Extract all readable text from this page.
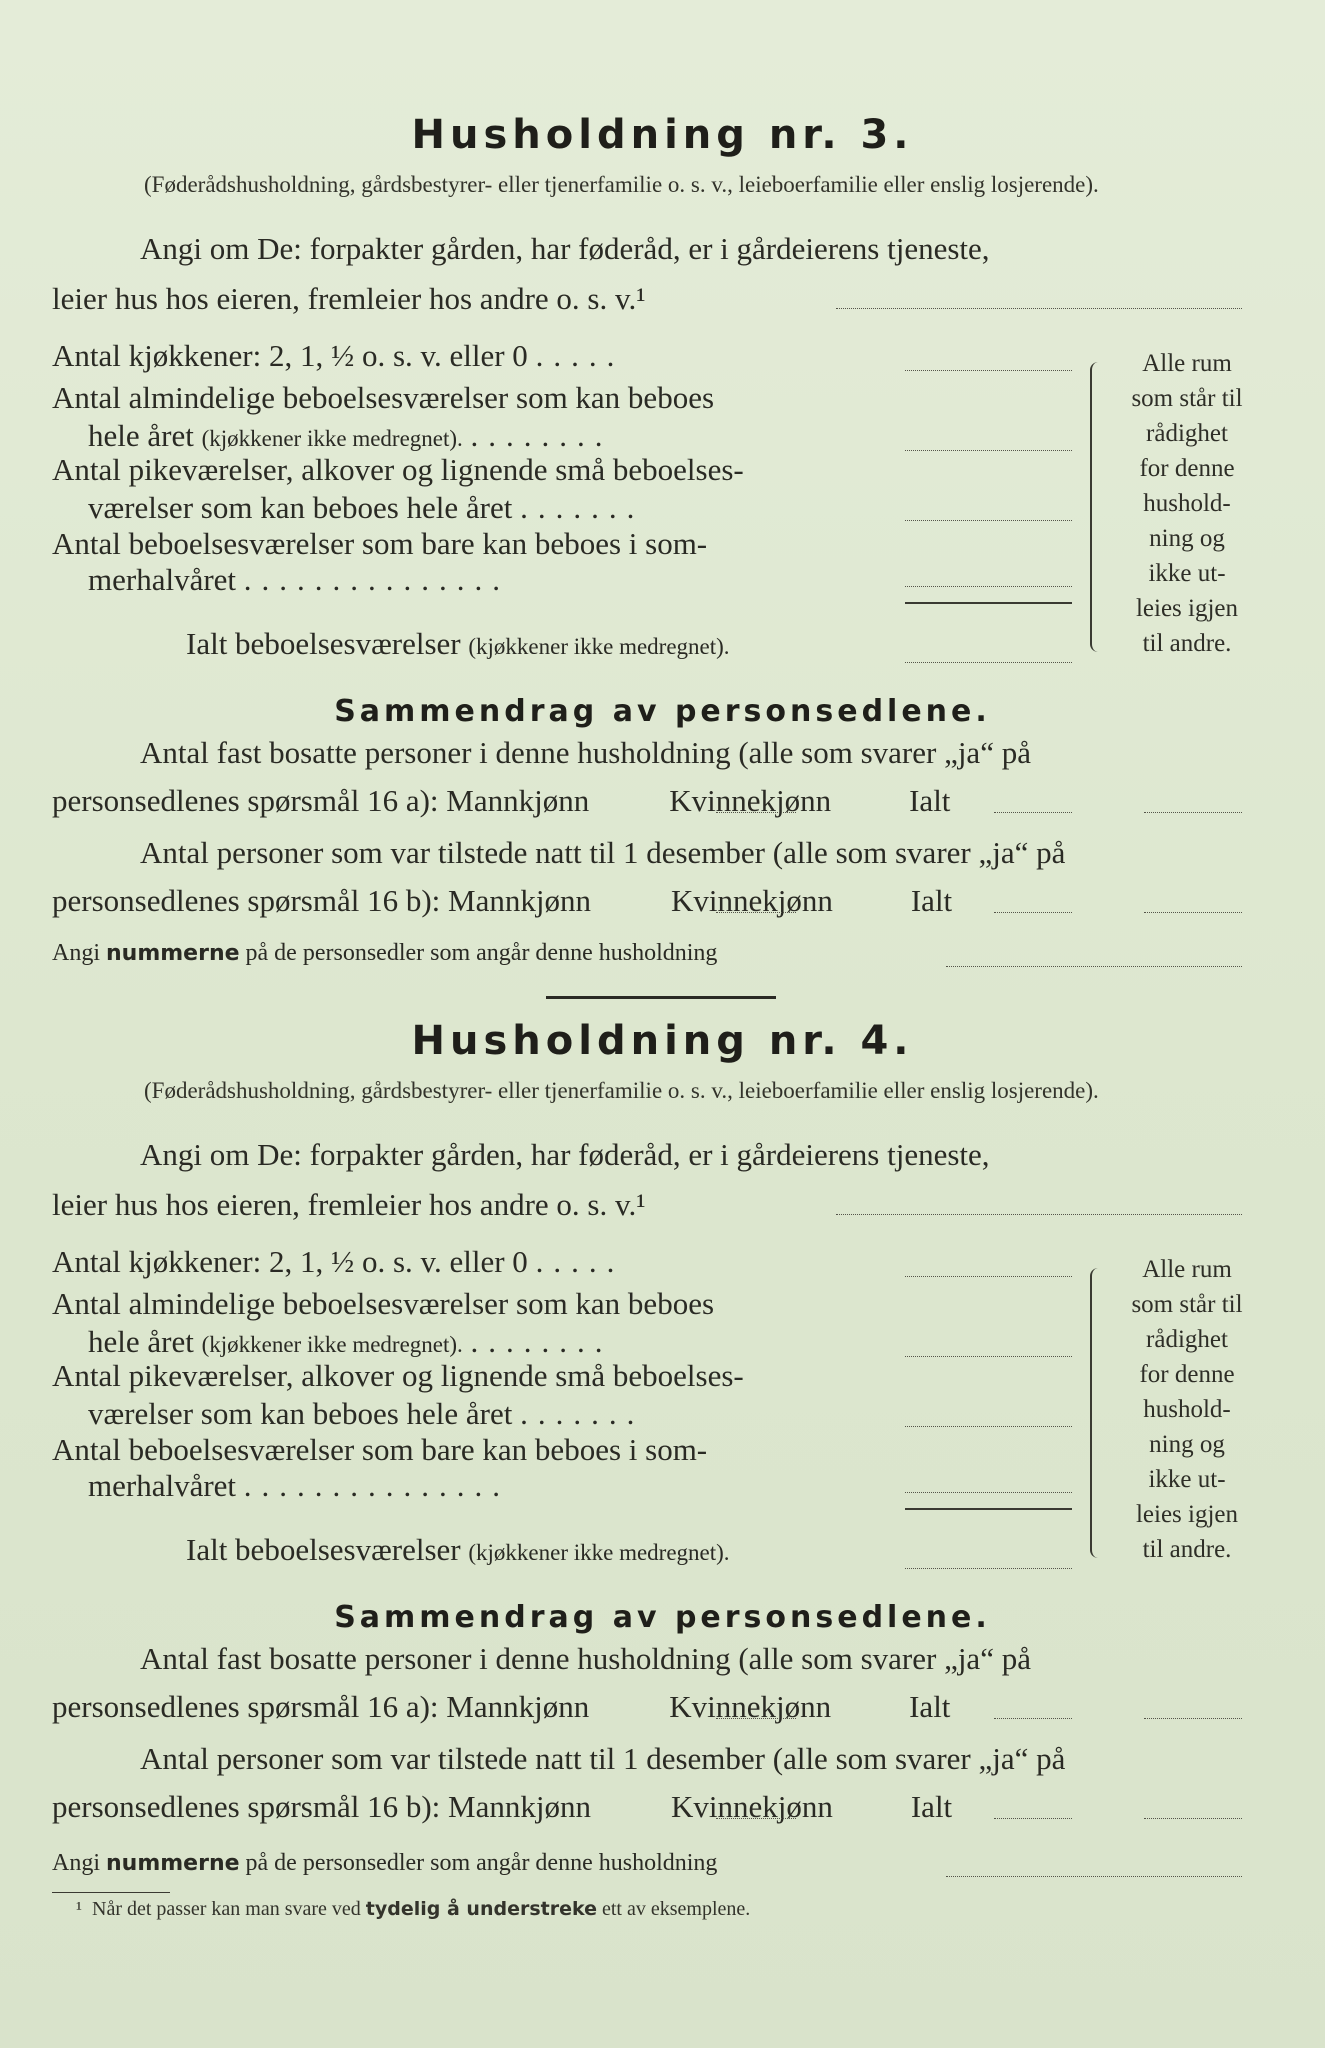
Husholdning nr. 3.
(Føderådshusholdning, gårdsbestyrer- eller tjenerfamilie o. s. v., leieboerfamilie eller enslig losjerende).
Angi om De: forpakter gården, har føderåd, er i gårdeierens tjeneste,
leier hus hos eieren, fremleier hos andre o. s. v.¹
Antal kjøkkener: 2, 1, ½ o. s. v. eller 0 .....
Antal almindelige beboelsesværelser som kan beboes
hele året (kjøkkener ikke medregnet). ........
Antal pikeværelser, alkover og lignende små beboelses-
værelser som kan beboes hele året .......
Antal beboelsesværelser som bare kan beboes i som-
merhalvåret ...............
Ialt beboelsesværelser (kjøkkener ikke medregnet).
Alle rum
som står til
rådighet
for denne
hushold-
ning og
ikke ut-
leies igjen
til andre.
Sammendrag av personsedlene.
Antal fast bosatte personer i denne husholdning (alle som svarer „ja“ på
personsedlenes spørsmål 16 a): Mannkjønn	Kvinnekjønn	Ialt
Antal personer som var tilstede natt til 1 desember (alle som svarer „ja“ på
personsedlenes spørsmål 16 b): Mannkjønn	Kvinnekjønn	Ialt
Angi nummerne på de personsedler som angår denne husholdning
Husholdning nr. 4.
(Føderådshusholdning, gårdsbestyrer- eller tjenerfamilie o. s. v., leieboerfamilie eller enslig losjerende).
Angi om De: forpakter gården, har føderåd, er i gårdeierens tjeneste,
leier hus hos eieren, fremleier hos andre o. s. v.¹
Antal kjøkkener: 2, 1, ½ o. s. v. eller 0 .....
Antal almindelige beboelsesværelser som kan beboes
hele året (kjøkkener ikke medregnet). ........
Antal pikeværelser, alkover og lignende små beboelses-
værelser som kan beboes hele året .......
Antal beboelsesværelser som bare kan beboes i som-
merhalvåret ...............
Ialt beboelsesværelser (kjøkkener ikke medregnet).
Alle rum
som står til
rådighet
for denne
hushold-
ning og
ikke ut-
leies igjen
til andre.
Sammendrag av personsedlene.
Antal fast bosatte personer i denne husholdning (alle som svarer „ja“ på
personsedlenes spørsmål 16 a): Mannkjønn	Kvinnekjønn	Ialt
Antal personer som var tilstede natt til 1 desember (alle som svarer „ja“ på
personsedlenes spørsmål 16 b): Mannkjønn	Kvinnekjønn	Ialt
Angi nummerne på de personsedler som angår denne husholdning
¹ Når det passer kan man svare ved tydelig å understreke ett av eksemplene.
